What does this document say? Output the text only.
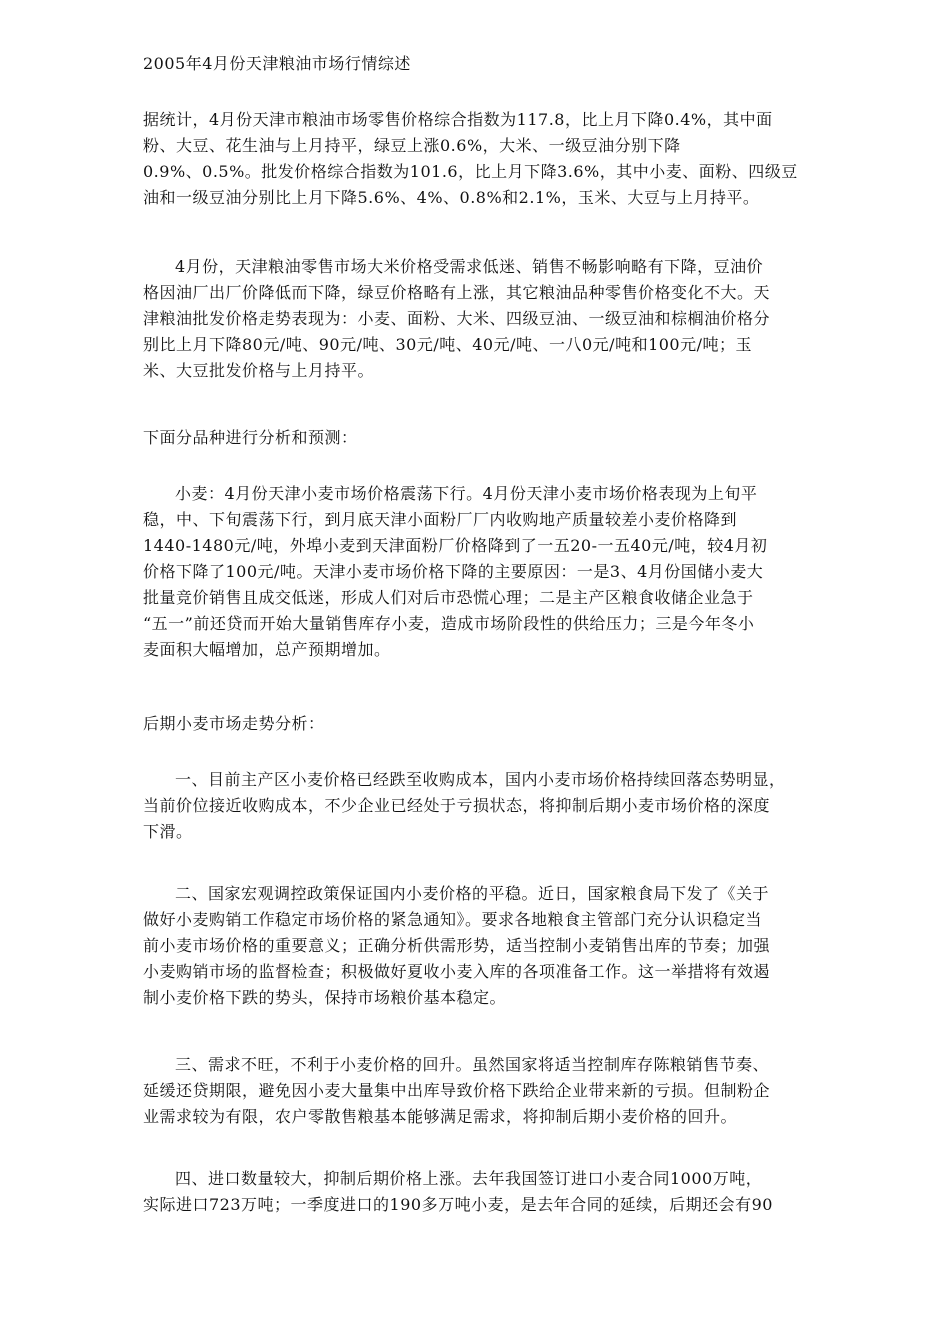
2005年4月份天津粮油市场行情综述

据统计，4月份天津市粮油市场零售价格综合指数为117.8，比上月下降0.4%，其中面
粉、大豆、花生油与上月持平，绿豆上涨0.6%，大米、一级豆油分别下降
0.9%、0.5%。批发价格综合指数为101.6，比上月下降3.6%，其中小麦、面粉、四级豆
油和一级豆油分别比上月下降5.6%、4%、0.8%和2.1%，玉米、大豆与上月持平。

4月份，天津粮油零售市场大米价格受需求低迷、销售不畅影响略有下降，豆油价
格因油厂出厂价降低而下降，绿豆价格略有上涨，其它粮油品种零售价格变化不大。天
津粮油批发价格走势表现为：小麦、面粉、大米、四级豆油、一级豆油和棕榈油价格分
别比上月下降80元/吨、90元/吨、30元/吨、40元/吨、一八0元/吨和100元/吨；玉
米、大豆批发价格与上月持平。

下面分品种进行分析和预测：

小麦：4月份天津小麦市场价格震荡下行。4月份天津小麦市场价格表现为上旬平
稳，中、下旬震荡下行，到月底天津小面粉厂厂内收购地产质量较差小麦价格降到
1440-1480元/吨，外埠小麦到天津面粉厂价格降到了一五20-一五40元/吨，较4月初
价格下降了100元/吨。天津小麦市场价格下降的主要原因：一是3、4月份国储小麦大
批量竞价销售且成交低迷，形成人们对后市恐慌心理；二是主产区粮食收储企业急于
“五一”前还贷而开始大量销售库存小麦，造成市场阶段性的供给压力；三是今年冬小
麦面积大幅增加，总产预期增加。

后期小麦市场走势分析：

一、目前主产区小麦价格已经跌至收购成本，国内小麦市场价格持续回落态势明显，
当前价位接近收购成本，不少企业已经处于亏损状态，将抑制后期小麦市场价格的深度
下滑。

二、国家宏观调控政策保证国内小麦价格的平稳。近日，国家粮食局下发了《关于
做好小麦购销工作稳定市场价格的紧急通知》。要求各地粮食主管部门充分认识稳定当
前小麦市场价格的重要意义；正确分析供需形势，适当控制小麦销售出库的节奏；加强
小麦购销市场的监督检查；积极做好夏收小麦入库的各项准备工作。这一举措将有效遏
制小麦价格下跌的势头，保持市场粮价基本稳定。

三、需求不旺，不利于小麦价格的回升。虽然国家将适当控制库存陈粮销售节奏、
延缓还贷期限，避免因小麦大量集中出库导致价格下跌给企业带来新的亏损。但制粉企
业需求较为有限，农户零散售粮基本能够满足需求，将抑制后期小麦价格的回升。

四、进口数量较大，抑制后期价格上涨。去年我国签订进口小麦合同1000万吨，
实际进口723万吨；一季度进口的190多万吨小麦，是去年合同的延续，后期还会有90
